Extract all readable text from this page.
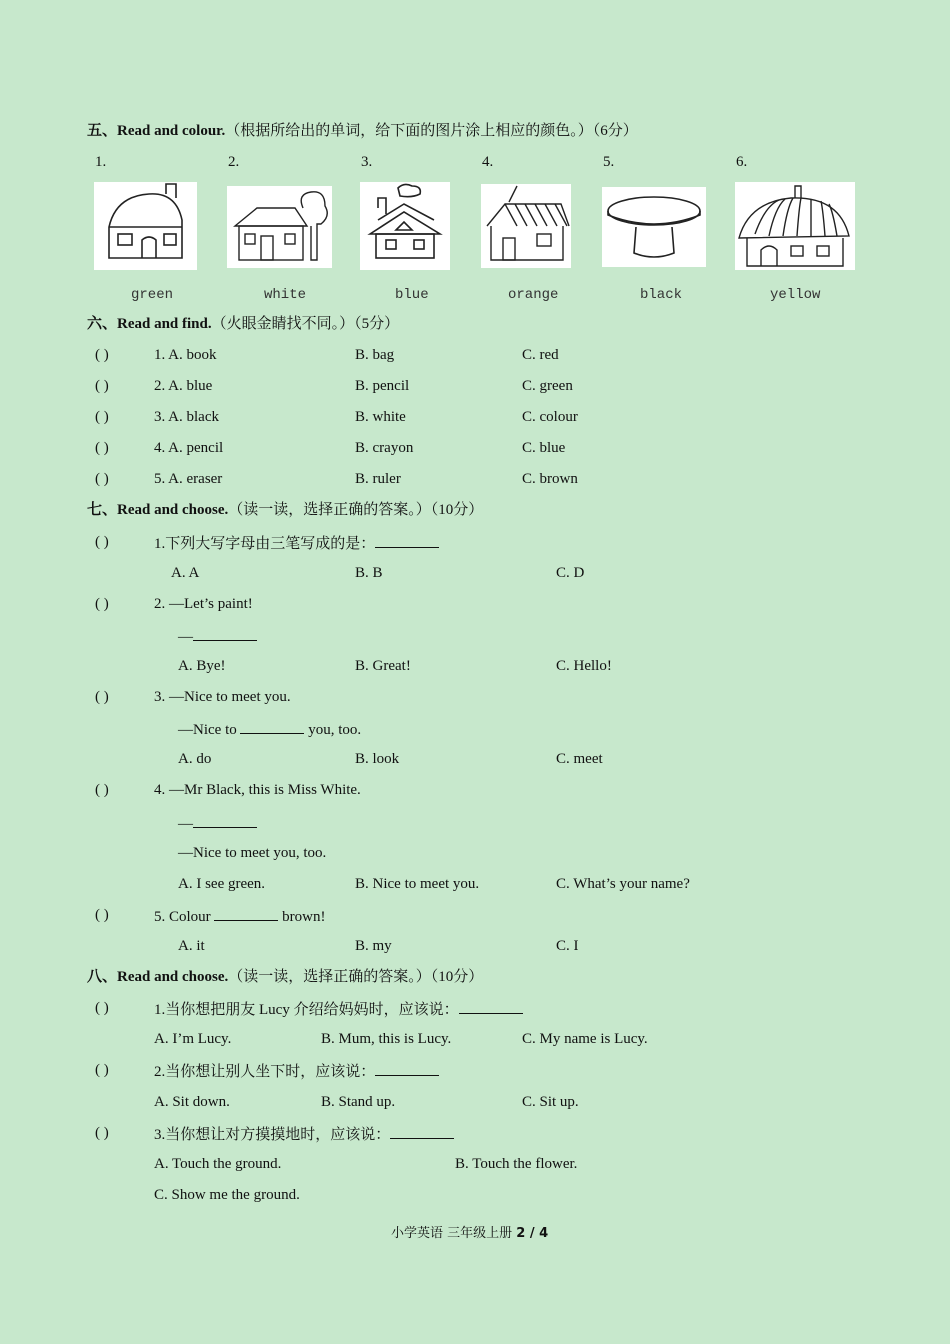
五、Read and colour.（根据所给出的单词，给下面的图片涂上相应的颜色。）（6分）
1.	2.	3.	4.	5.	6.
green	white	blue	orange	black	yellow
六、Read and find.（火眼金睛找不同。）（5分）
( )	1. A. book	B. bag	C. red
( )	2. A. blue	B. pencil	C. green
( )	3. A. black	B. white	C. colour
( )	4. A. pencil	B. crayon	C. blue
( )	5. A. eraser	B. ruler	C. brown
七、Read and choose.（读一读，选择正确的答案。）（10分）
( )	1.下列大写字母由三笔写成的是：
A. A	B. B	C. D
( )	2. —Let’s paint!
—
A. Bye!	B. Great!	C. Hello!
( )	3. —Nice to meet you.
—Nice to	you, too.
A. do	B. look	C. meet
( )	4. —Mr Black, this is Miss White.
—
—Nice to meet you, too.
A. I see green.	B. Nice to meet you.	C. What’s your name?
( )	5. Colour	brown!
A. it	B. my	C. I
八、Read and choose.（读一读，选择正确的答案。）（10分）
( )	1.当你想把朋友 Lucy 介绍给妈妈时，应该说：
A. I’m Lucy.	B. Mum, this is Lucy.	C. My name is Lucy.
( )	2.当你想让别人坐下时，应该说：
A. Sit down.	B. Stand up.	C. Sit up.
( )	3.当你想让对方摸摸地时，应该说：
A. Touch the ground.	B. Touch the flower.
C. Show me the ground.
小学英语 三年级上册 2 / 4
